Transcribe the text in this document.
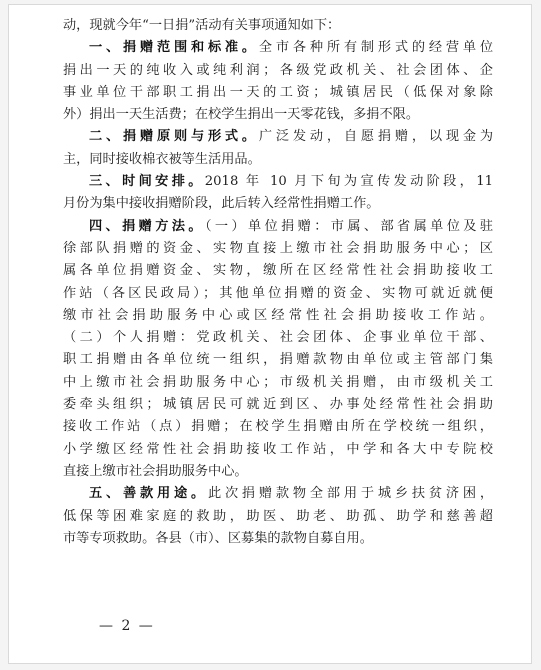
动，现就今年“一日捐”活动有关事项通知如下：

一、捐赠范围和标准。全市各种所有制形式的经营单位
捐出一天的纯收入或纯利润；各级党政机关、社会团体、企
事业单位干部职工捐出一天的工资；城镇居民（低保对象除
外）捐出一天生活费；在校学生捐出一天零花钱，多捐不限。

二、捐赠原则与形式。广泛发动，自愿捐赠，以现金为
主，同时接收棉衣被等生活用品。

三、时间安排。2018 年 10 月下旬为宣传发动阶段，11
月份为集中接收捐赠阶段，此后转入经常性捐赠工作。

四、捐赠方法。（一）单位捐赠：市属、部省属单位及驻
徐部队捐赠的资金、实物直接上缴市社会捐助服务中心；区
属各单位捐赠资金、实物，缴所在区经常性社会捐助接收工
作站（各区民政局）；其他单位捐赠的资金、实物可就近就便
缴市社会捐助服务中心或区经常性社会捐助接收工作站。
（二）个人捐赠：党政机关、社会团体、企事业单位干部、
职工捐赠由各单位统一组织，捐赠款物由单位或主管部门集
中上缴市社会捐助服务中心；市级机关捐赠，由市级机关工
委牵头组织；城镇居民可就近到区、办事处经常性社会捐助
接收工作站（点）捐赠；在校学生捐赠由所在学校统一组织，
小学缴区经常性社会捐助接收工作站，中学和各大中专院校
直接上缴市社会捐助服务中心。

五、善款用途。此次捐赠款物全部用于城乡扶贫济困，
低保等困难家庭的救助，助医、助老、助孤、助学和慈善超
市等专项救助。各县（市）、区募集的款物自募自用。

— 2 —
